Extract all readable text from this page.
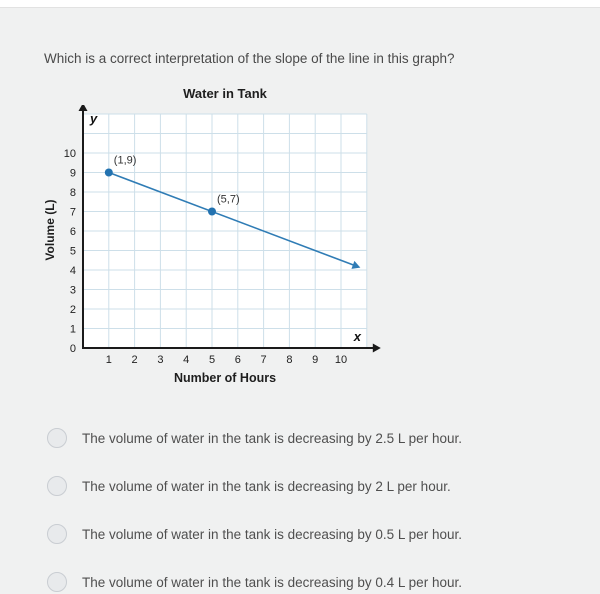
Which is a correct interpretation of the slope of the line in this graph?
Water in Tank
Volume (L)
y
x
0
1
2
3
4
5
6
7
8
9
10
1 2 3 4 5 6 7 8 9 10
(1,9)
(5,7)
Number of Hours
The volume of water in the tank is decreasing by 2.5 L per hour.
The volume of water in the tank is decreasing by 2 L per hour.
The volume of water in the tank is decreasing by 0.5 L per hour.
The volume of water in the tank is decreasing by 0.4 L per hour.
